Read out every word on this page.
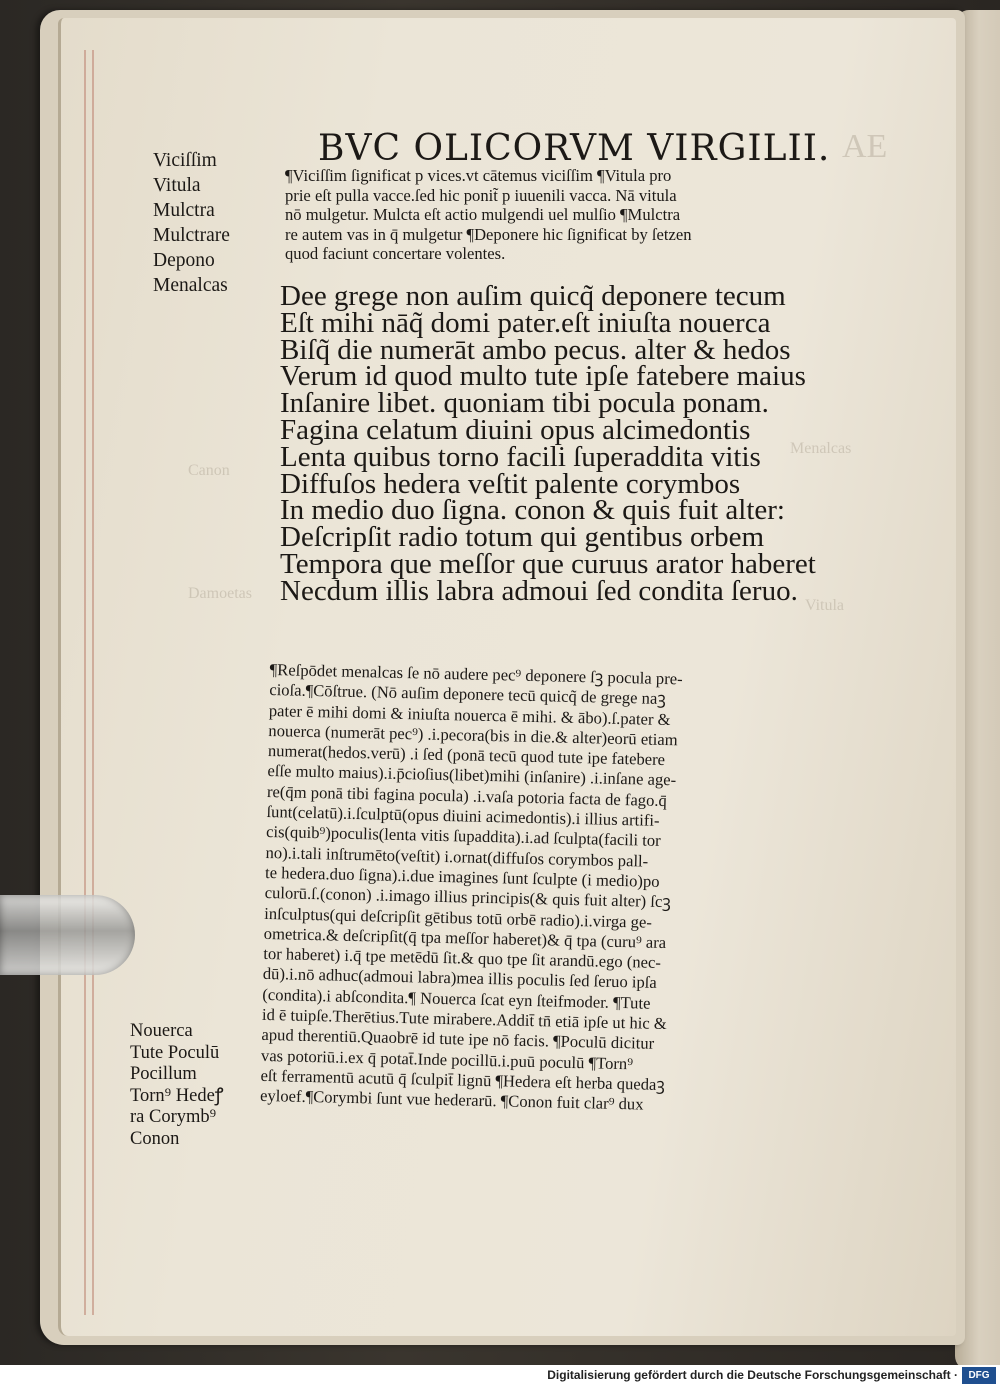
AE
Menalcas
Canon
Damoetas
Vitula
BVC OLICORVM VIRGILII.
Viciſſim
Vitula
Mulctra
Mulctrare
Depono
Menalcas
¶Viciſſim ſignificat p vices.vt cātemus viciſſim ¶Vitula pro
prie eſt pulla vacce.ſed hic ponit̃ p iuuenili vacca. Nā vitula
nō mulgetur. Mulcta eſt actio mulgendi uel mulſio ¶Mulctra
re autem vas in q̄ mulgetur ¶Deponere hic ſignificat by ſetzen
quod faciunt concertare volentes.
Dee grege non auſim quicq̃ deponere tecum
Eſt mihi nāq̃ domi pater.eſt iniuſta nouerca
Biſq̃ die numerāt ambo pecus. alter & hedos
Verum id quod multo tute ipſe fatebere maius
Inſanire libet. quoniam tibi pocula ponam.
Fagina celatum diuini opus alcimedontis
Lenta quibus torno facili ſuperaddita vitis
Diffuſos hedera veſtit palente corymbos
In medio duo ſigna. conon & quis fuit alter:
Deſcripſit radio totum qui gentibus orbem
Tempora que meſſor que curuus arator haberet
Necdum illis labra admoui ſed condita ſeruo.
¶Reſpōdet menalcas ſe nō audere pec⁹ deponere ſꝫ pocula pre-
cioſa.¶Cōſtrue. (Nō auſim deponere tecū quicq̃ de grege naꝫ
pater ē mihi domi & iniuſta nouerca ē mihi. & ābo).ſ.pater &
nouerca (numerāt pec⁹) .i.pecora(bis in die.& alter)eorū etiam
numerat(hedos.verū) .i ſed (ponā tecū quod tute ipe fatebere
eſſe multo maius).i.p̄cioſius(libet)mihi (inſanire) .i.inſane age-
re(q̄m ponā tibi fagina pocula) .i.vaſa potoria facta de fago.q̄
ſunt(celatū).i.ſculptū(opus diuini acimedontis).i illius artifi-
cis(quib⁹)poculis(lenta vitis ſupaddita).i.ad ſculpta(facili tor
no).i.tali inſtrumēto(veſtit) i.ornat(diffuſos corymbos pall-
te hedera.duo ſigna).i.due imagines ſunt ſculpte (i medio)po
culorū.ſ.(conon) .i.imago illius principis(& quis fuit alter) ſcꝫ
inſculptus(qui deſcripſit gētibus totū orbē radio).i.virga ge-
ometrica.& deſcripſit(q̄ tpa meſſor haberet)& q̄ tpa (curu⁹ ara
tor haberet) i.q̄ tpe metēdū ſit.& quo tpe ſit arandū.ego (nec-
dū).i.nō adhuc(admoui labra)mea illis poculis ſed ſeruo ipſa
(condita).i abſcondita.¶ Nouerca ſcat eyn ſteifmoder. ¶Tute
id ē tuipſe.Therētius.Tute mirabere.Addit̄ tn̄ etiā ipſe ut hic &
apud therentiū.Quaobrē id tute ipe nō facis. ¶Poculū dicitur
vas potoriū.i.ex q̄ potat̄.Inde pocillū.i.puū poculū ¶Torn⁹
eſt ferramentū acutū q̄ ſculpit̄ lignū ¶Hedera eſt herba quedaꝫ
eyloef.¶Corymbi ſunt vue hederarū. ¶Conon fuit clar⁹ dux
Nouerca
Tute Poculū
Pocillum
Torn⁹ Hedeꝭ
ra Corymb⁹
Conon
Digitalisierung gefördert durch die Deutsche Forschungsgemeinschaft ·	DFG
